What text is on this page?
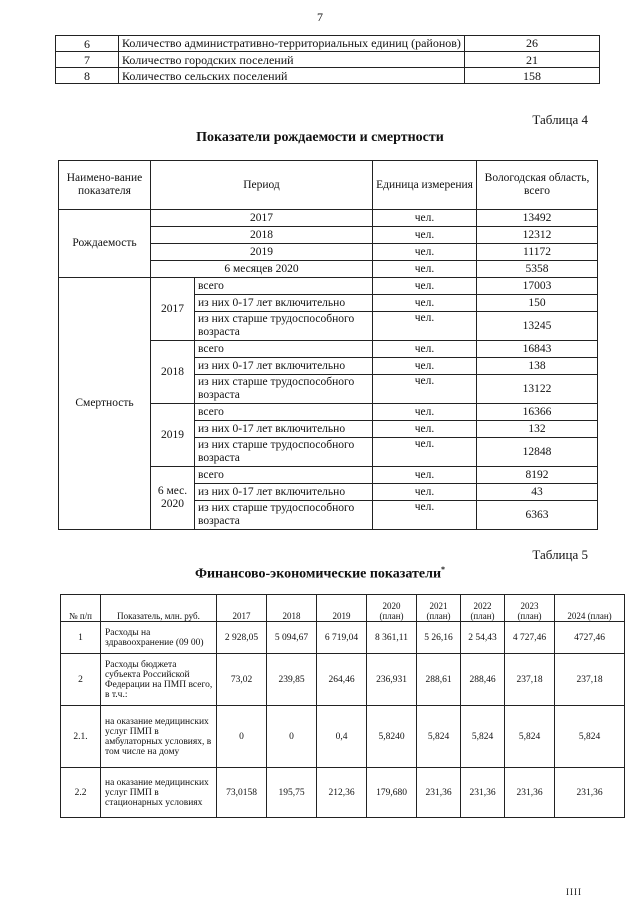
7
6	Количество административно-территориальных единиц (районов)	26
7	Количество городских поселений	21
8	Количество сельских поселений	158
Таблица 4
Показатели рождаемости и смертности
Наимено-вание показателя	Период		Единица измерения	Вологодская область, всего
Рождаемость	2017		чел.	13492
	2018		чел.	12312
	2019		чел.	11172
	6 месяцев 2020		чел.	5358
Смертность	2017	всего	чел.	17003
		из них 0-17 лет включительно	чел.	150
		из них старше трудоспособного возраста	чел.	13245
	2018	всего	чел.	16843
		из них 0-17 лет включительно	чел.	138
		из них старше трудоспособного возраста	чел.	13122
	2019	всего	чел.	16366
		из них 0-17 лет включительно	чел.	132
		из них старше трудоспособного возраста	чел.	12848
	6 мес. 2020	всего	чел.	8192
		из них 0-17 лет включительно	чел.	43
		из них старше трудоспособного возраста	чел.	6363
Таблица 5
Финансово-экономические показатели*
№ п/п	Показатель, млн. руб.	2017	2018	2019	2020 (план)	2021 (план)	2022 (план)	2023 (план)	2024 (план)
1	Расходы на здравоохранение (09 00)	2 928,05	5 094,67	6 719,04	8 361,11	5 26,16	2 54,43	4 727,46	4727,46
2	Расходы бюджета субъекта Российской Федерации на ПМП всего, в т.ч.:	73,02	239,85	264,46	236,931	288,61	288,46	237,18	237,18
2.1.	на оказание медицинских услуг ПМП в амбулаторных условиях, в том числе на дому	0	0	0,4	5,8240	5,824	5,824	5,824	5,824
2.2	на оказание медицинских услуг ПМП в стационарных условиях	73,0158	195,75	212,36	179,680	231,36	231,36	231,36	231,36
IIII
